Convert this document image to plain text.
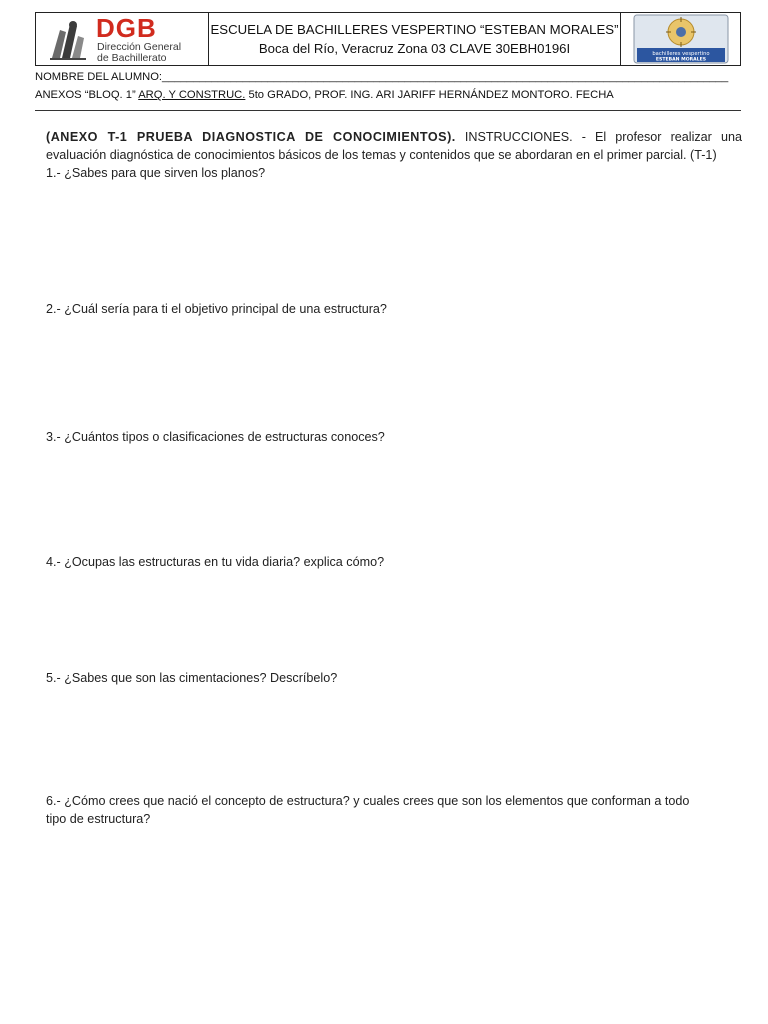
DGB
Dirección General
de Bachillerato
ESCUELA DE BACHILLERES VESPERTINO “ESTEBAN MORALES”
Boca del Río, Veracruz Zona 03 CLAVE 30EBH0196I	bachilleres vespertino
ESTEBAN MORALES
NOMBRE DEL ALUMNO:___________________________________________________________________________________________
ANEXOS “BLOQ. 1” ARQ. Y CONSTRUC. 5to GRADO, PROF. ING. ARI JARIFF HERNÁNDEZ MONTORO. FECHA

(ANEXO T-1 PRUEBA DIAGNOSTICA DE CONOCIMIENTOS). INSTRUCCIONES. - El profesor realizar una evaluación diagnóstica de conocimientos básicos de los temas y contenidos que se abordaran en el primer parcial. (T-1)

1.- ¿Sabes para que sirven los planos?

2.- ¿Cuál sería para ti el objetivo principal de una estructura?

3.- ¿Cuántos tipos o clasificaciones de estructuras conoces?

4.- ¿Ocupas las estructuras en tu vida diaria? explica cómo?

5.- ¿Sabes que son las cimentaciones? Descríbelo?

6.- ¿Cómo crees que nació el concepto de estructura? y cuales crees que son los elementos que conforman a todo tipo de estructura?
